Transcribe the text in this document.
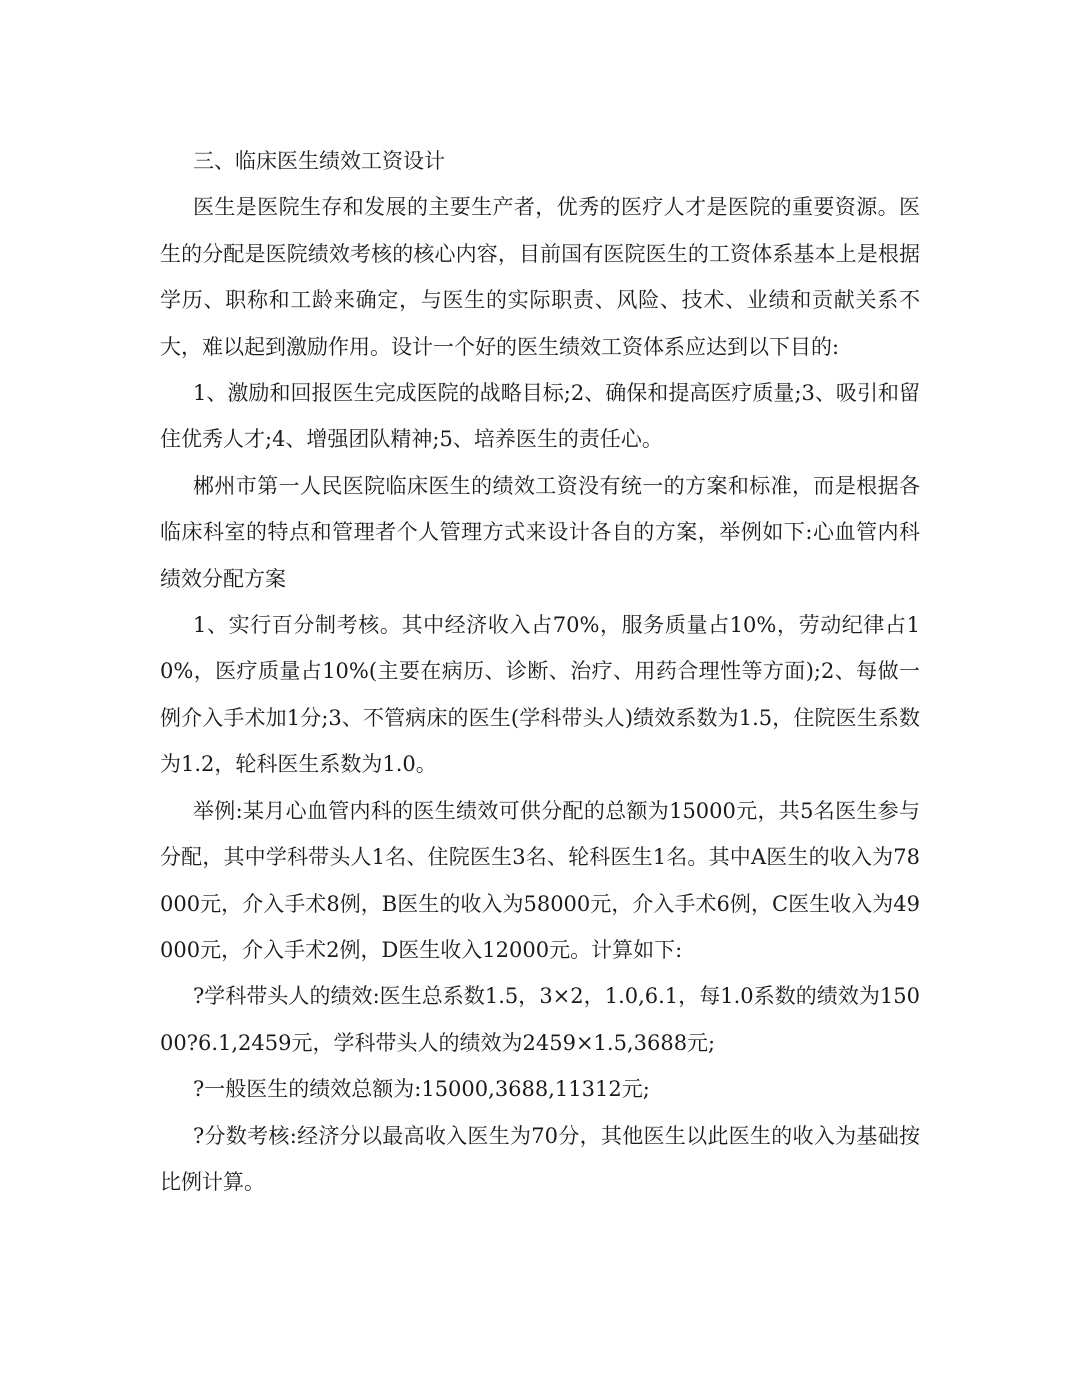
三、临床医生绩效工资设计

医生是医院生存和发展的主要生产者，优秀的医疗人才是医院的重要资源。医生的分配是医院绩效考核的核心内容，目前国有医院医生的工资体系基本上是根据学历、职称和工龄来确定，与医生的实际职责、风险、技术、业绩和贡献关系不大，难以起到激励作用。设计一个好的医生绩效工资体系应达到以下目的:

1、激励和回报医生完成医院的战略目标;2、确保和提高医疗质量;3、吸引和留住优秀人才;4、增强团队精神;5、培养医生的责任心。

郴州市第一人民医院临床医生的绩效工资没有统一的方案和标准，而是根据各临床科室的特点和管理者个人管理方式来设计各自的方案，举例如下:心血管内科绩效分配方案

1、实行百分制考核。其中经济收入占70%，服务质量占10%，劳动纪律占10%，医疗质量占10%(主要在病历、诊断、治疗、用药合理性等方面);2、每做一例介入手术加1分;3、不管病床的医生(学科带头人)绩效系数为1.5，住院医生系数为1.2，轮科医生系数为1.0。

举例:某月心血管内科的医生绩效可供分配的总额为15000元，共5名医生参与分配，其中学科带头人1名、住院医生3名、轮科医生1名。其中A医生的收入为78000元，介入手术8例，B医生的收入为58000元，介入手术6例，C医生收入为49000元，介入手术2例，D医生收入12000元。计算如下:

?学科带头人的绩效:医生总系数1.5，3×2，1.0,6.1，每1.0系数的绩效为15000?6.1,2459元，学科带头人的绩效为2459×1.5,3688元;

?一般医生的绩效总额为:15000,3688,11312元;

?分数考核:经济分以最高收入医生为70分，其他医生以此医生的收入为基础按比例计算。
